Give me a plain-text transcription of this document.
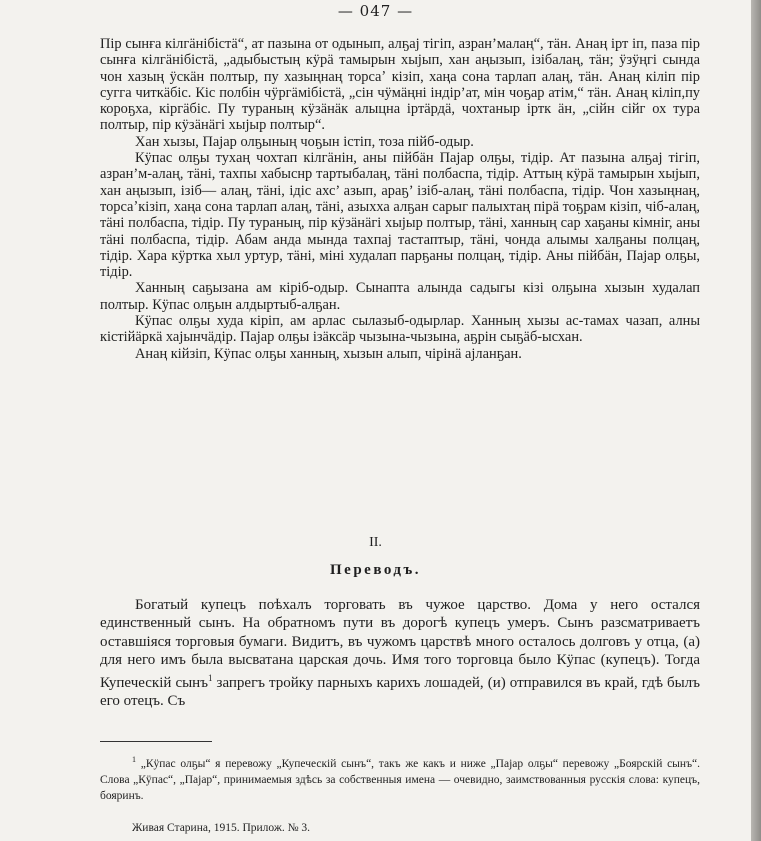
— 047 —

Пір сынға кілгäнібістä“, ат пазына от одынып, алҕаj тігіп, азран’малаң“, тäн. Анаң ірт іп, паза пір сынға кілгäнібістä, „адыбыстың кӱрä тамырын хыjып, хан аңызып, ізібалаң, тäн; ӱзӱңгі сында чон хазың ӱскäн полтыр, пу хазыңнаң торсаʼ кізіп, хаңа сона тарлап алаң, тäн. Анаң кіліп пір сугга читкäбіс. Кіс полбін чӱргäмібістä, „сін чӱмäңні індір’ат, мін чоҕар атім,“ тäн. Анаң кіліп,пу короҕха, кіргäбіс. Пу тураның кӱзäнäк алыцна іртäрдä, чохтаныр іртк äн, „сійн сійг ох тура полтыр, пір кӱзäнäгі хыjыр полтыр“.

Хан хызы, Пajар олҕының чоҕын істіп, тоза пійб-одыр.

Кӱпас олҕы тухаң чохтап кілгäнін, аны пійбäн Пajар олҕы, тідір. Ат пазына алҕаj тігіп, азран’м-алаң, тäні, тахпы хабыснр тартыбалаң, тäні полбаспа, тідір. Аттың кӱрä тамырын хыjып, хан аңызып, ізіб— алаң, тäні, ідіс ахс’ азып, араҕ’ ізіб-алаң, тäні полбаспа, тідір. Чон хазыңнаң, торсаʼкізіп, хаңа сона тарлап алаң, тäні, азыхха алҕан сарыг палыхтаң пірä тоҕрам кізіп, чіб-алаң, тäні полбаспа, тідір. Пу тураның, пір кӱзäнäгі хыjыр полтыр, тäні, ханның сар хаҕаны кімнiг, аны тäні полбаспа, тідір. Абам анда мында тахпаj тастаптыр, тäні, чонда алымы халҕаны полцаң, тідір. Хара кӱртка хыл уртур, тäні, міні худалап парҕаны полцаң, тідір. Аны пійбäн, Пajар олҕы, тідір.

Ханның саҕызана ам кіріб-одыр. Сынапта алында садыгы кізі олҕына хызын худалап полтыр. Кӱпас олҕын алдыртыб-алҕан.

Кӱпас олҕы худа кіріп, ам арлас сылазыб-одырлар. Ханның хызы ас-тамах чазап, алны кістійäркä хаjынчäдір. Пajар олҕы ізäксäр чызына-чызына, аҕрін сыҕäб-ысхан.

Анаң кійзіп, Кӱпас олҕы ханның, хызын алып, чірінä аjланҕан.

II.
Переводъ.
Богатый купецъ поѣхалъ торговать въ чужое царство. Дома у него остался единственный сынъ. На обратномъ пути въ дорогѣ купецъ умеръ. Сынъ разсматриваетъ оставшіяся торговыя бумаги. Видитъ, въ чужомъ царствѣ много осталось долговъ у отца, (а) для него имъ была высватана царская дочь. Имя того торговца было Кӱпас (купецъ). Тогда Купеческій сынъ$^1$ запрегъ тройку парныхъ карихъ лошадей, (и) отправился въ край, гдѣ былъ его отецъ. Съ
$^1$ „Кӱпас олҕы“ я перевожу „Купеческій сынъ“, такъ же какъ и ниже „Пajар олҕы“ перевожу „Боярскій сынъ“. Слова „Кӱпас“, „Пajар“, принимаемыя здѣсь за собственныя имена — очевидно, заимствованныя русскія слова: купецъ, бояринъ.
Живая Старина, 1915. Прилож. № 3.
